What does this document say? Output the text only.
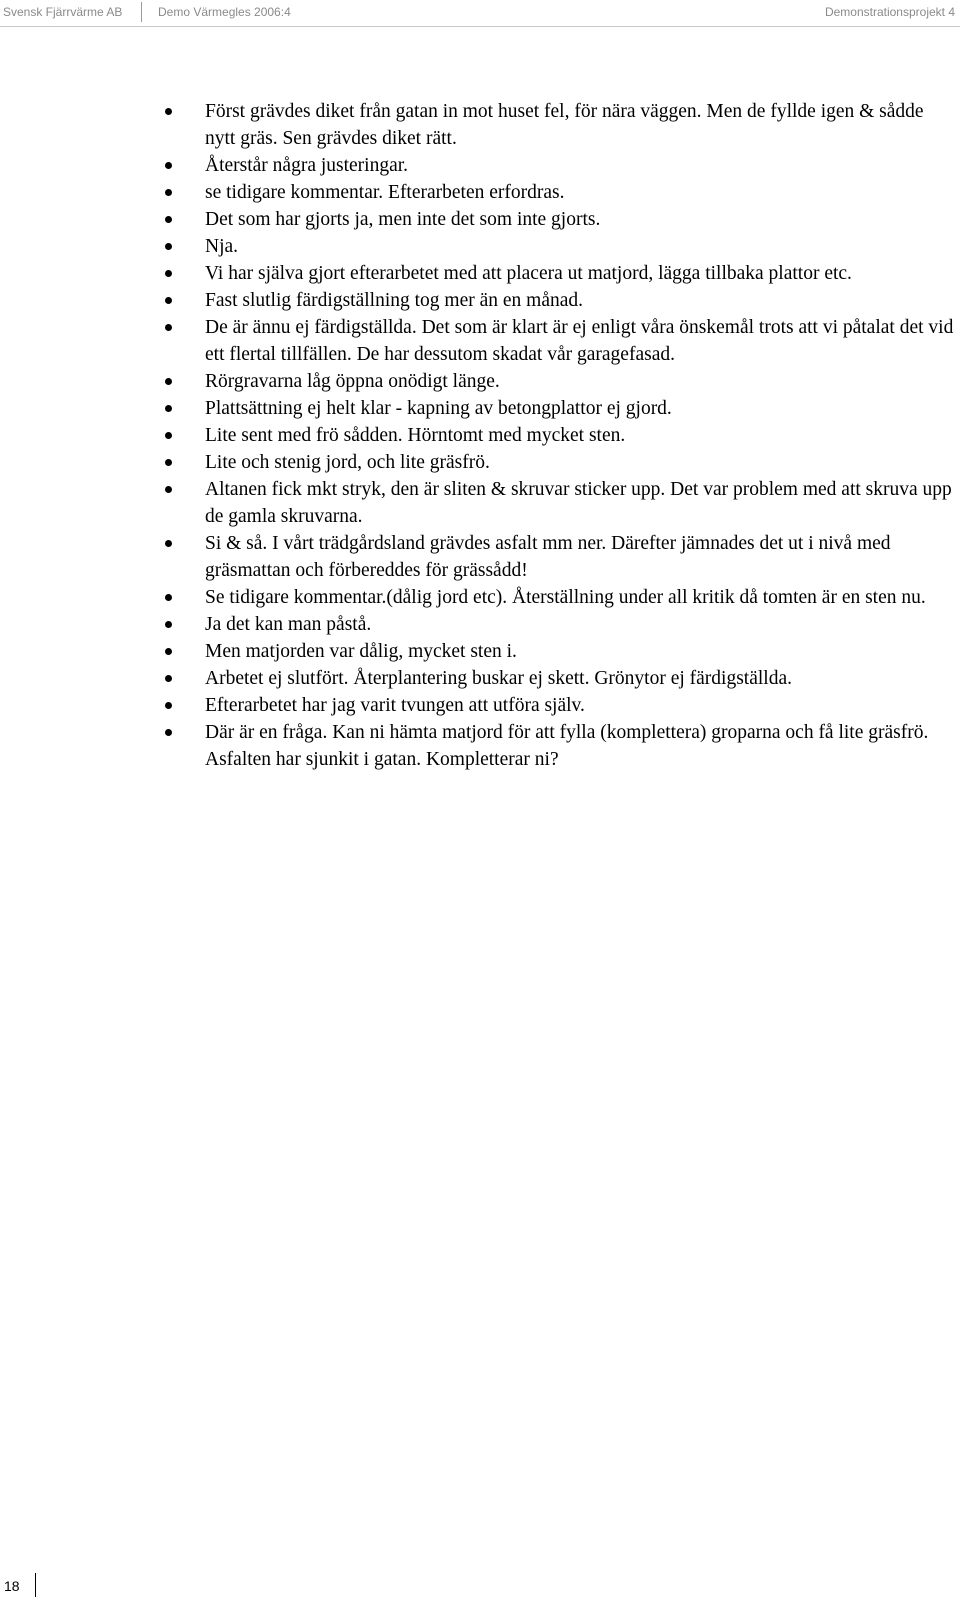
Svensk Fjärrvärme AB	Demo Värmegles 2006:4	Demonstrationsprojekt 4
Först grävdes diket från gatan in mot huset fel, för nära väggen. Men de fyllde igen & sådde nytt gräs. Sen grävdes diket rätt.
Återstår några justeringar.
se tidigare kommentar. Efterarbeten erfordras.
Det som har gjorts ja, men inte det som inte gjorts.
Nja.
Vi har själva gjort efterarbetet med att placera ut matjord, lägga tillbaka plattor etc.
Fast slutlig färdigställning tog mer än en månad.
De är ännu ej färdigställda. Det som är klart är ej enligt våra önskemål trots att vi påtalat det vid ett flertal tillfällen. De har dessutom skadat vår garagefasad.
Rörgravarna låg öppna onödigt länge.
Plattsättning ej helt klar - kapning av betongplattor ej gjord.
Lite sent med frö sådden. Hörntomt med mycket sten.
Lite och stenig jord, och lite gräsfrö.
Altanen fick mkt stryk, den är sliten & skruvar sticker upp. Det var problem med att skruva upp de gamla skruvarna.
Si & så. I vårt trädgårdsland grävdes asfalt mm ner. Därefter jämnades det ut i nivå med gräsmattan och förbereddes för grässådd!
Se tidigare kommentar.(dålig jord etc). Återställning under all kritik då tomten är en sten nu.
Ja det kan man påstå.
Men matjorden var dålig, mycket sten i.
Arbetet ej slutfört. Återplantering buskar ej skett. Grönytor ej färdigställda.
Efterarbetet har jag varit tvungen att utföra själv.
Där är en fråga. Kan ni hämta matjord för att fylla (komplettera) groparna och få lite gräsfrö. Asfalten har sjunkit i gatan. Kompletterar ni?
18
